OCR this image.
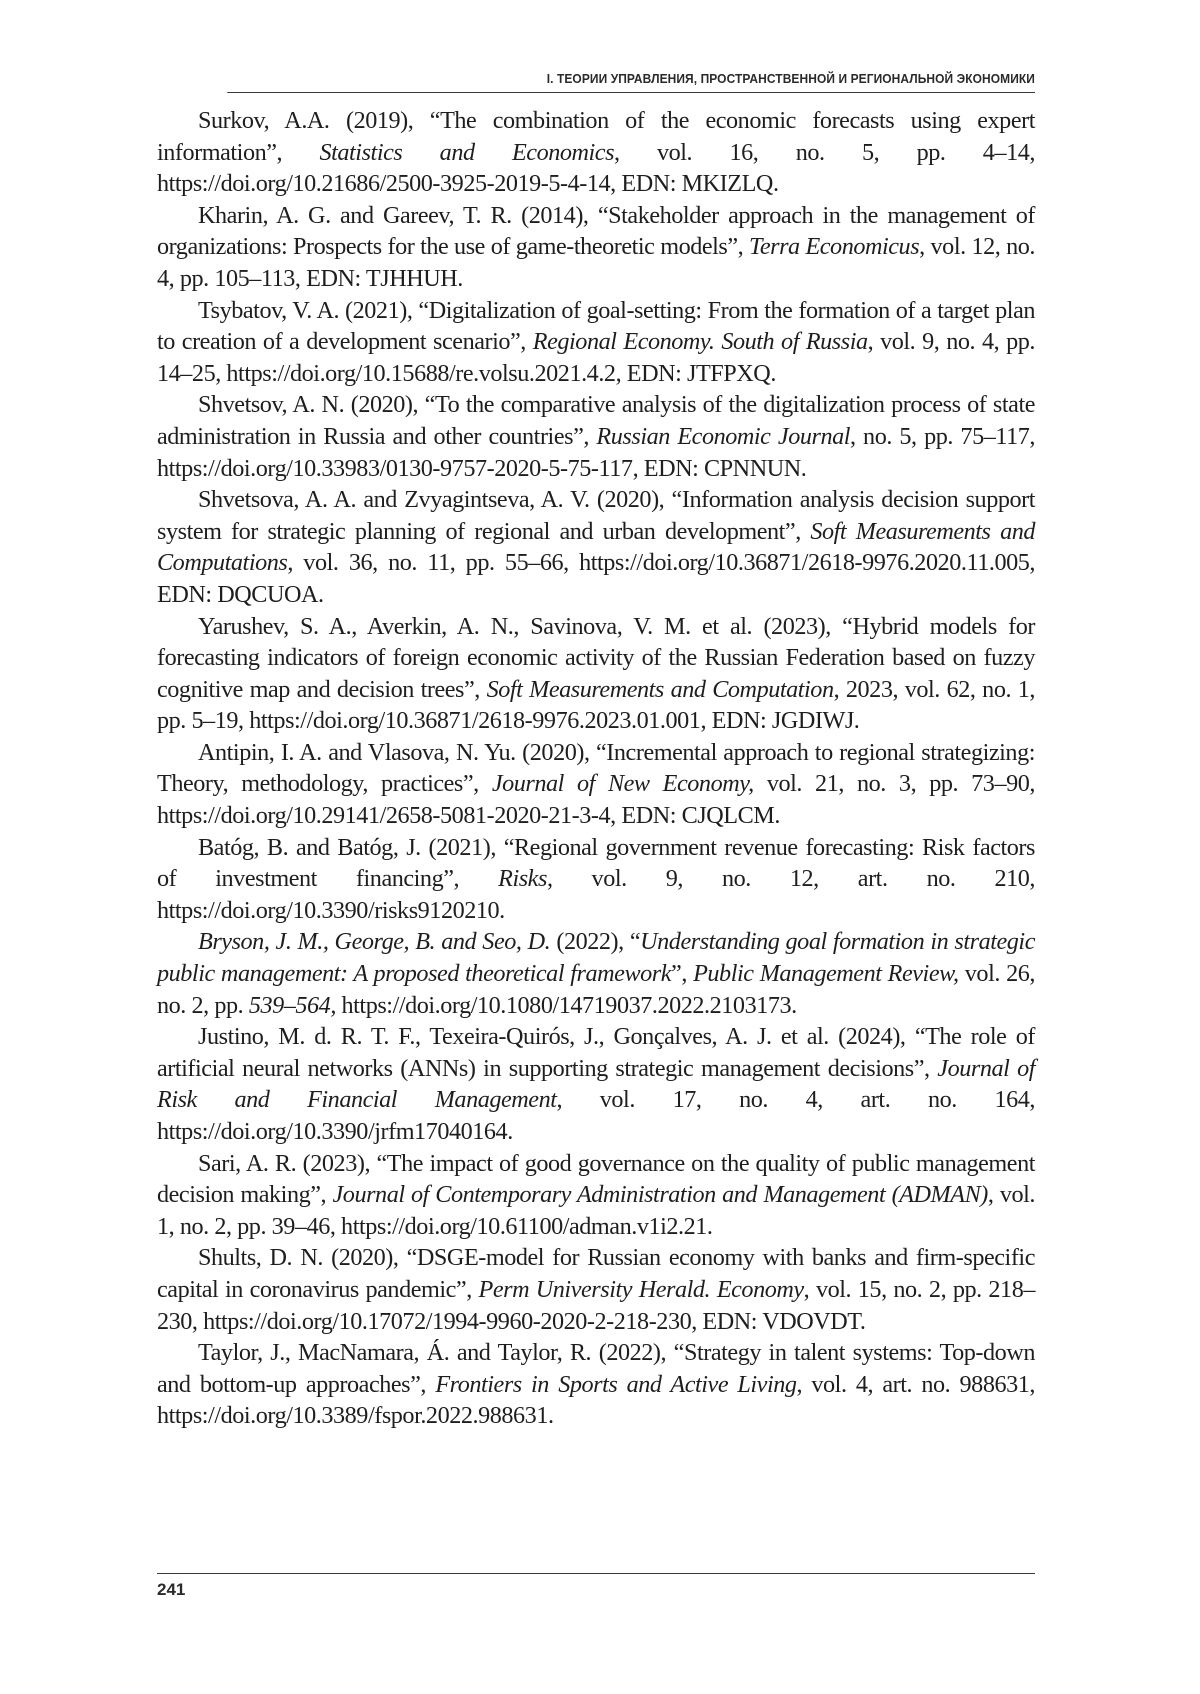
I. ТЕОРИИ УПРАВЛЕНИЯ, ПРОСТРАНСТВЕННОЙ И РЕГИОНАЛЬНОЙ ЭКОНОМИКИ

Surkov, A.A. (2019), “The combination of the economic forecasts using expert information”, Statistics and Economics, vol. 16, no. 5, pp. 4–14, https://doi.org/10.21686/2500-3925-2019-5-4-14, EDN: MKIZLQ.

Kharin, A. G. and Gareev, T. R. (2014), “Stakeholder approach in the management of organizations: Prospects for the use of game-theoretic models”, Terra Economicus, vol. 12, no. 4, pp. 105–113, EDN: TJHHUH.

Tsybatov, V. A. (2021), “Digitalization of goal-setting: From the formation of a target plan to creation of a development scenario”, Regional Economy. South of Russia, vol. 9, no. 4, pp. 14–25, https://doi.org/10.15688/re.volsu.2021.4.2, EDN: JTFPXQ.

Shvetsov, A. N. (2020), “To the comparative analysis of the digitalization process of state administration in Russia and other countries”, Russian Economic Journal, no. 5, pp. 75–117, https://doi.org/10.33983/0130-9757-2020-5-75-117, EDN: CPNNUN.

Shvetsova, A. A. and Zvyagintseva, A. V. (2020), “Information analysis decision support system for strategic planning of regional and urban development”, Soft Measurements and Computations, vol. 36, no. 11, pp. 55–66, https://doi.org/10.36871/2618-9976.2020.11.005, EDN: DQCUOA.

Yarushev, S. A., Averkin, A. N., Savinova, V. M. et al. (2023), “Hybrid models for forecasting indicators of foreign economic activity of the Russian Federation based on fuzzy cognitive map and decision trees”, Soft Measurements and Computation, 2023, vol. 62, no. 1, pp. 5–19, https://doi.org/10.36871/2618-9976.2023.01.001, EDN: JGDIWJ.

Antipin, I. A. and Vlasova, N. Yu. (2020), “Incremental approach to regional strategizing: Theory, methodology, practices”, Journal of New Economy, vol. 21, no. 3, pp. 73–90, https://doi.org/10.29141/2658-5081-2020-21-3-4, EDN: CJQLCM.

Batóg, B. and Batóg, J. (2021), “Regional government revenue forecasting: Risk factors of investment financing”, Risks, vol. 9, no. 12, art. no. 210, https://doi.org/10.3390/risks9120210.

Bryson, J. M., George, B. and Seo, D. (2022), “Understanding goal formation in strategic public management: A proposed theoretical framework”, Public Management Review, vol. 26, no. 2, pp. 539–564, https://doi.org/10.1080/14719037.2022.2103173.

Justino, M. d. R. T. F., Texeira-Quirós, J., Gonçalves, A. J. et al. (2024), “The role of artificial neural networks (ANNs) in supporting strategic management decisions”, Journal of Risk and Financial Management, vol. 17, no. 4, art. no. 164, https://doi.org/10.3390/jrfm17040164.

Sari, A. R. (2023), “The impact of good governance on the quality of public management decision making”, Journal of Contemporary Administration and Management (ADMAN), vol. 1, no. 2, pp. 39–46, https://doi.org/10.61100/adman.v1i2.21.

Shults, D. N. (2020), “DSGE-model for Russian economy with banks and firm-specific capital in coronavirus pandemic”, Perm University Herald. Economy, vol. 15, no. 2, pp. 218–230, https://doi.org/10.17072/1994-9960-2020-2-218-230, EDN: VDOVDT.

Taylor, J., MacNamara, Á. and Taylor, R. (2022), “Strategy in talent systems: Top-down and bottom-up approaches”, Frontiers in Sports and Active Living, vol. 4, art. no. 988631, https://doi.org/10.3389/fspor.2022.988631.

241
